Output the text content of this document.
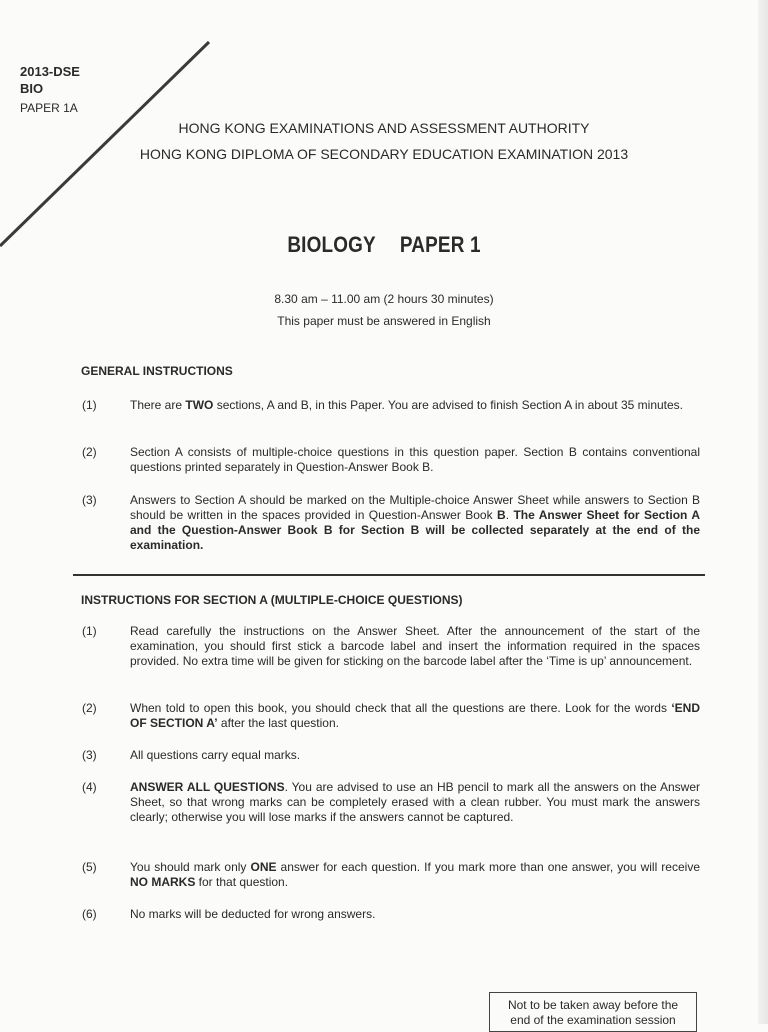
2013-DSE
BIO
PAPER 1A
HONG KONG EXAMINATIONS AND ASSESSMENT AUTHORITY
HONG KONG DIPLOMA OF SECONDARY EDUCATION EXAMINATION 2013
BIOLOGY PAPER 1
8.30 am – 11.00 am (2 hours 30 minutes)
This paper must be answered in English
GENERAL INSTRUCTIONS
(1)	There are TWO sections, A and B, in this Paper. You are advised to finish Section A in about 35 minutes.
(2)	Section A consists of multiple-choice questions in this question paper. Section B contains conventional questions printed separately in Question-Answer Book B.
(3)	Answers to Section A should be marked on the Multiple-choice Answer Sheet while answers to Section B should be written in the spaces provided in Question-Answer Book B. The Answer Sheet for Section A and the Question-Answer Book B for Section B will be collected separately at the end of the examination.
INSTRUCTIONS FOR SECTION A (MULTIPLE-CHOICE QUESTIONS)
(1)	Read carefully the instructions on the Answer Sheet. After the announcement of the start of the examination, you should first stick a barcode label and insert the information required in the spaces provided. No extra time will be given for sticking on the barcode label after the ‘Time is up’ announcement.
(2)	When told to open this book, you should check that all the questions are there. Look for the words ‘END OF SECTION A’ after the last question.
(3)	All questions carry equal marks.
(4)	ANSWER ALL QUESTIONS. You are advised to use an HB pencil to mark all the answers on the Answer Sheet, so that wrong marks can be completely erased with a clean rubber. You must mark the answers clearly; otherwise you will lose marks if the answers cannot be captured.
(5)	You should mark only ONE answer for each question. If you mark more than one answer, you will receive NO MARKS for that question.
(6)	No marks will be deducted for wrong answers.
Not to be taken away before the
end of the examination session
